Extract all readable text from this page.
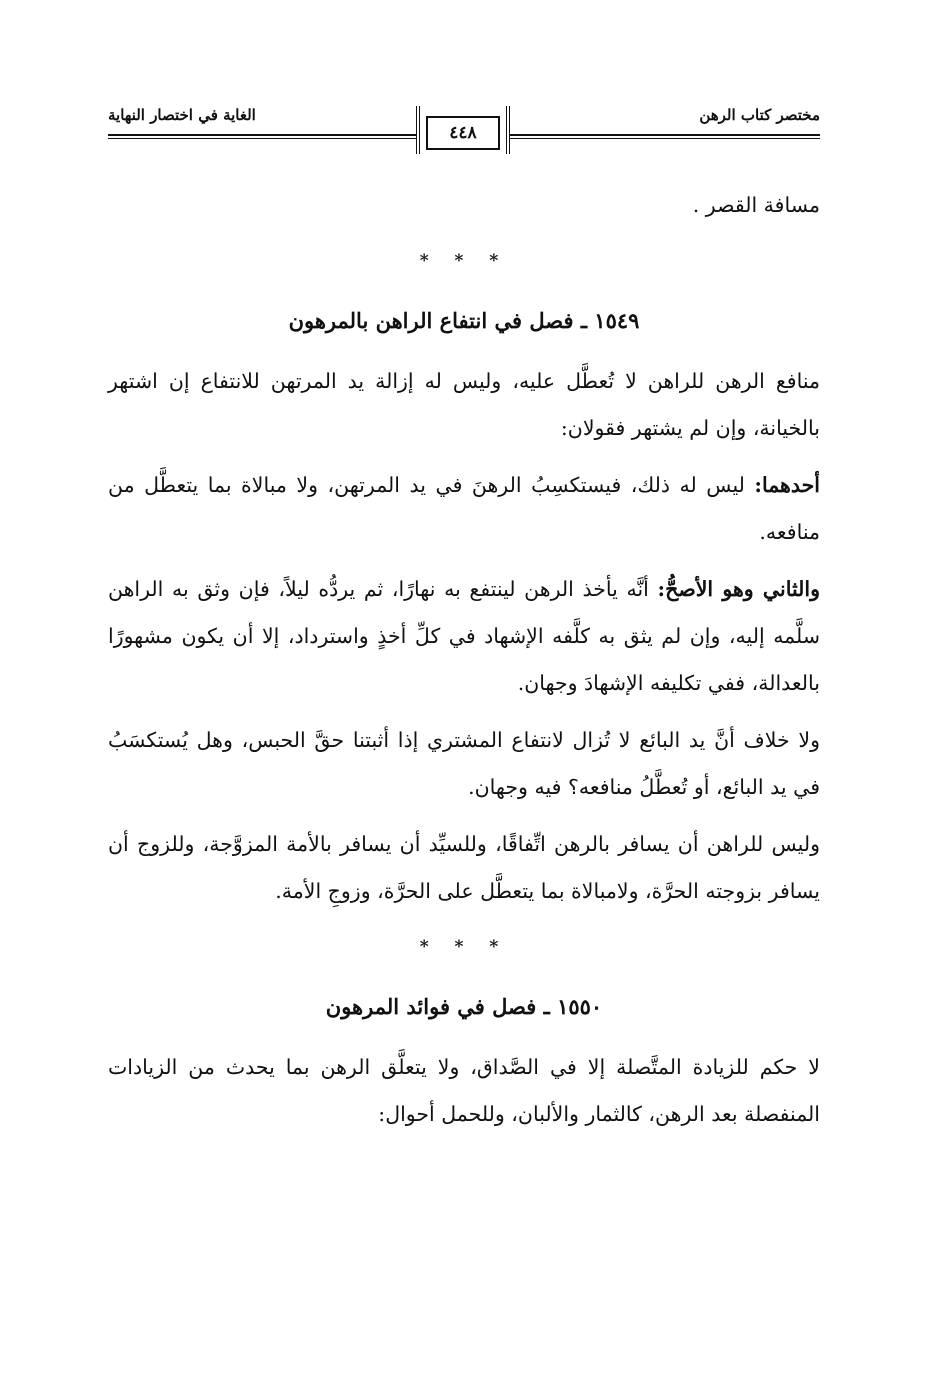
مختصر كتاب الرهن
الغاية في اختصار النهاية
٤٤٨

مسافة القصر .

* * *
١٥٤٩ ـ فصل في انتفاع الراهن بالمرهون

منافع الرهن للراهن لا تُعطَّل عليه، وليس له إزالة يد المرتهن للانتفاع إن اشتهر بالخيانة، وإن لم يشتهر فقولان:

أحدهما: ليس له ذلك، فيستكسِبُ الرهنَ في يد المرتهن، ولا مبالاة بما يتعطَّل من منافعه.

والثاني وهو الأصحُّ: أنَّه يأخذ الرهن لينتفع به نهارًا، ثم يردُّه ليلاً، فإن وثق به الراهن سلَّمه إليه، وإن لم يثق به كلَّفه الإشهاد في كلِّ أخذٍ واسترداد، إلا أن يكون مشهورًا بالعدالة، ففي تكليفه الإشهادَ وجهان.

ولا خلاف أنَّ يد البائع لا تُزال لانتفاع المشتري إذا أثبتنا حقَّ الحبس، وهل يُستكسَبُ في يد البائع، أو تُعطَّلُ منافعه؟ فيه وجهان.

وليس للراهن أن يسافر بالرهن اتِّفاقًا، وللسيِّد أن يسافر بالأمة المزوَّجة، وللزوج أن يسافر بزوجته الحرَّة، ولامبالاة بما يتعطَّل على الحرَّة، وزوجِ الأمة.

* * *
١٥٥٠ ـ فصل في فوائد المرهون

لا حكم للزيادة المتَّصلة إلا في الصَّداق، ولا يتعلَّق الرهن بما يحدث من الزيادات المنفصلة بعد الرهن، كالثمار والألبان، وللحمل أحوال:
